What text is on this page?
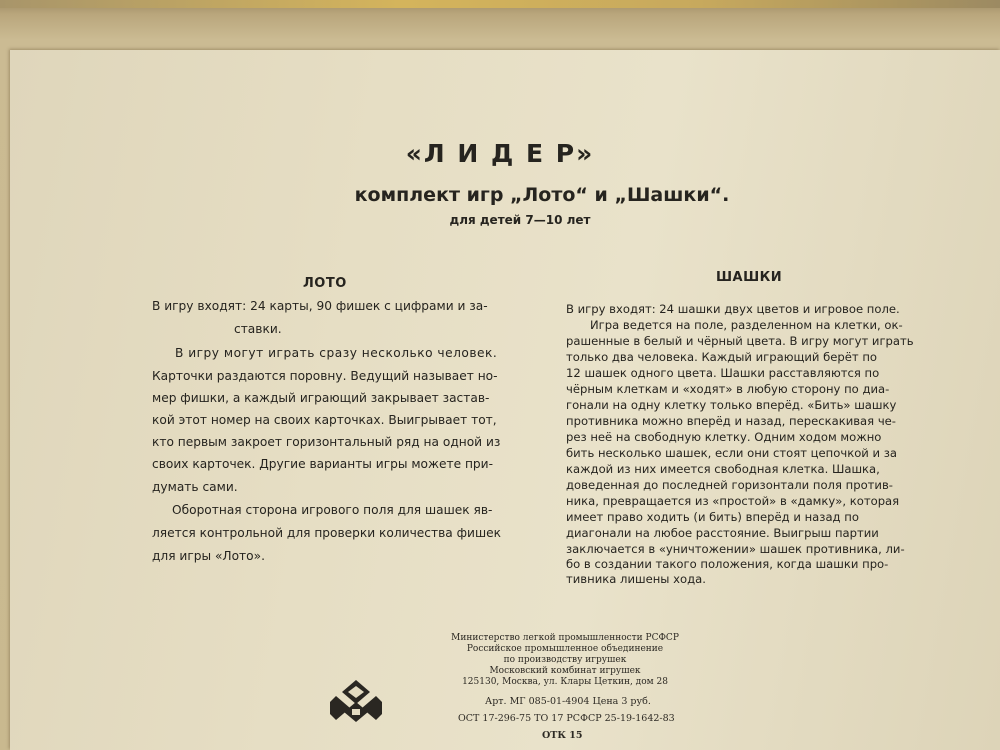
«Л И Д Е Р»
комплект игр „Лото“ и „Шашки“.
для детей 7—10 лет
ЛОТО	ШАШКИ
В игру входят: 24 карты, 90 фишек с цифрами и за-
ставки.
В игру могут играть сразу несколько человек.
Карточки раздаются поровну. Ведущий называет но-
мер фишки, а каждый играющий закрывает застав-
кой этот номер на своих карточках. Выигрывает тот,
кто первым закроет горизонтальный ряд на одной из
своих карточек. Другие варианты игры можете при-
думать сами.
Оборотная сторона игрового поля для шашек яв-
ляется контрольной для проверки количества фишек
для игры «Лото».
В игру входят: 24 шашки двух цветов и игровое поле.
Игра ведется на поле, разделенном на клетки, ок-
рашенные в белый и чёрный цвета. В игру могут играть
только два человека. Каждый играющий берёт по
12 шашек одного цвета. Шашки расставляются по
чёрным клеткам и «ходят» в любую сторону по диа-
гонали на одну клетку только вперёд. «Бить» шашку
противника можно вперёд и назад, перескакивая че-
рез неё на свободную клетку. Одним ходом можно
бить несколько шашек, если они стоят цепочкой и за
каждой из них имеется свободная клетка. Шашка,
доведенная до последней горизонтали поля против-
ника, превращается из «простой» в «дамку», которая
имеет право ходить (и бить) вперёд и назад по
диагонали на любое расстояние. Выигрыш партии
заключается в «уничтожении» шашек противника, ли-
бо в создании такого положения, когда шашки про-
тивника лишены хода.
Министерство легкой промышленности РСФСР
Российское промышленное объединение
по производству игрушек
Московский комбинат игрушек
125130, Москва, ул. Клары Цеткин, дом 28
Арт. МГ 085-01-4904 Цена 3 руб.
ОСТ 17-296-75 ТО 17 РСФСР 25-19-1642-83
ОТК 15
